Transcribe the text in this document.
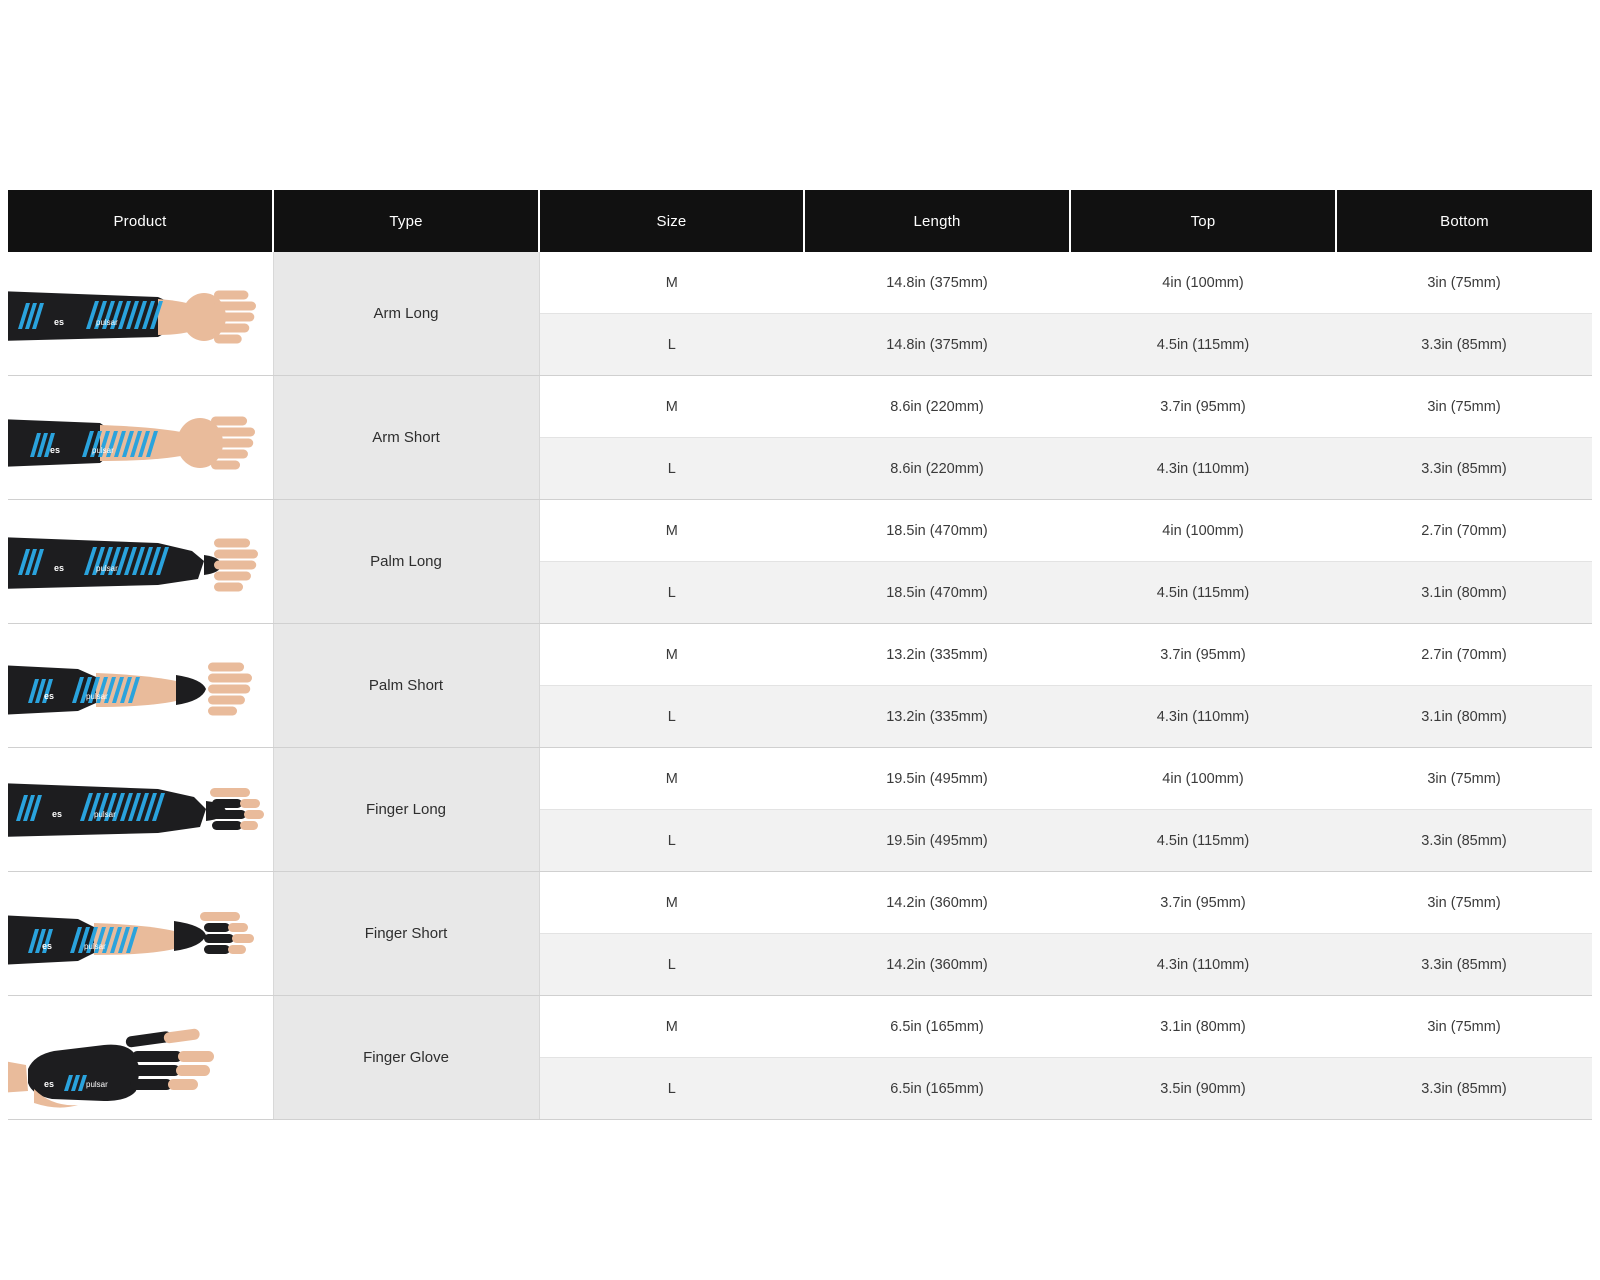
Product	Type	Size	Length	Top	Bottom

es pulsar	Arm Long	M	14.8in (375mm)	4in (100mm)	3in (75mm)
		L	14.8in (375mm)	4.5in (115mm)	3.3in (85mm)

es pulsar	Arm Short	M	8.6in (220mm)	3.7in (95mm)	3in (75mm)
		L	8.6in (220mm)	4.3in (110mm)	3.3in (85mm)

es pulsar	Palm Long	M	18.5in (470mm)	4in (100mm)	2.7in (70mm)
		L	18.5in (470mm)	4.5in (115mm)	3.1in (80mm)

es pulsar	Palm Short	M	13.2in (335mm)	3.7in (95mm)	2.7in (70mm)
		L	13.2in (335mm)	4.3in (110mm)	3.1in (80mm)

es pulsar	Finger Long	M	19.5in (495mm)	4in (100mm)	3in (75mm)
		L	19.5in (495mm)	4.5in (115mm)	3.3in (85mm)

es pulsar	Finger Short	M	14.2in (360mm)	3.7in (95mm)	3in (75mm)
		L	14.2in (360mm)	4.3in (110mm)	3.3in (85mm)

es pulsar	Finger Glove	M	6.5in (165mm)	3.1in (80mm)	3in (75mm)
		L	6.5in (165mm)	3.5in (90mm)	3.3in (85mm)
